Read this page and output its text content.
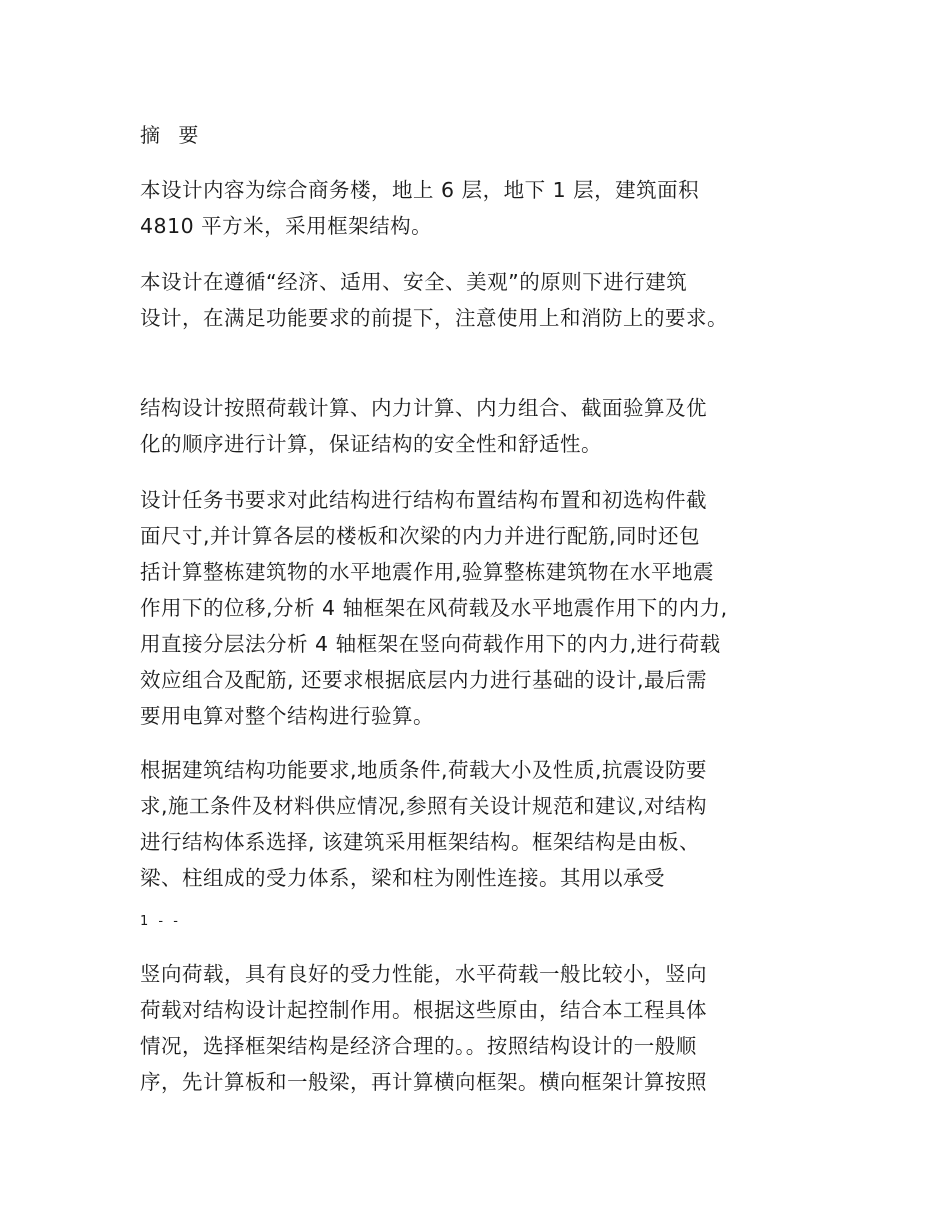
摘 要

本设计内容为综合商务楼，地上 6 层，地下 1 层，建筑面积
4810 平方米，采用框架结构。

本设计在遵循“经济、适用、安全、美观”的原则下进行建筑
设计，在满足功能要求的前提下，注意使用上和消防上的要求。

结构设计按照荷载计算、内力计算、内力组合、截面验算及优
化的顺序进行计算，保证结构的安全性和舒适性。

设计任务书要求对此结构进行结构布置结构布置和初选构件截
面尺寸,并计算各层的楼板和次梁的内力并进行配筋,同时还包
括计算整栋建筑物的水平地震作用,验算整栋建筑物在水平地震
作用下的位移,分析 4 轴框架在风荷载及水平地震作用下的内力,
用直接分层法分析 4 轴框架在竖向荷载作用下的内力,进行荷载
效应组合及配筋, 还要求根据底层内力进行基础的设计,最后需
要用电算对整个结构进行验算。

根据建筑结构功能要求,地质条件,荷载大小及性质,抗震设防要
求,施工条件及材料供应情况,参照有关设计规范和建议,对结构
进行结构体系选择, 该建筑采用框架结构。框架结构是由板、
梁、柱组成的受力体系，梁和柱为刚性连接。其用以承受

1 - -

竖向荷载，具有良好的受力性能，水平荷载一般比较小，竖向
荷载对结构设计起控制作用。根据这些原由，结合本工程具体
情况，选择框架结构是经济合理的。。按照结构设计的一般顺
序，先计算板和一般梁，再计算横向框架。横向框架计算按照
